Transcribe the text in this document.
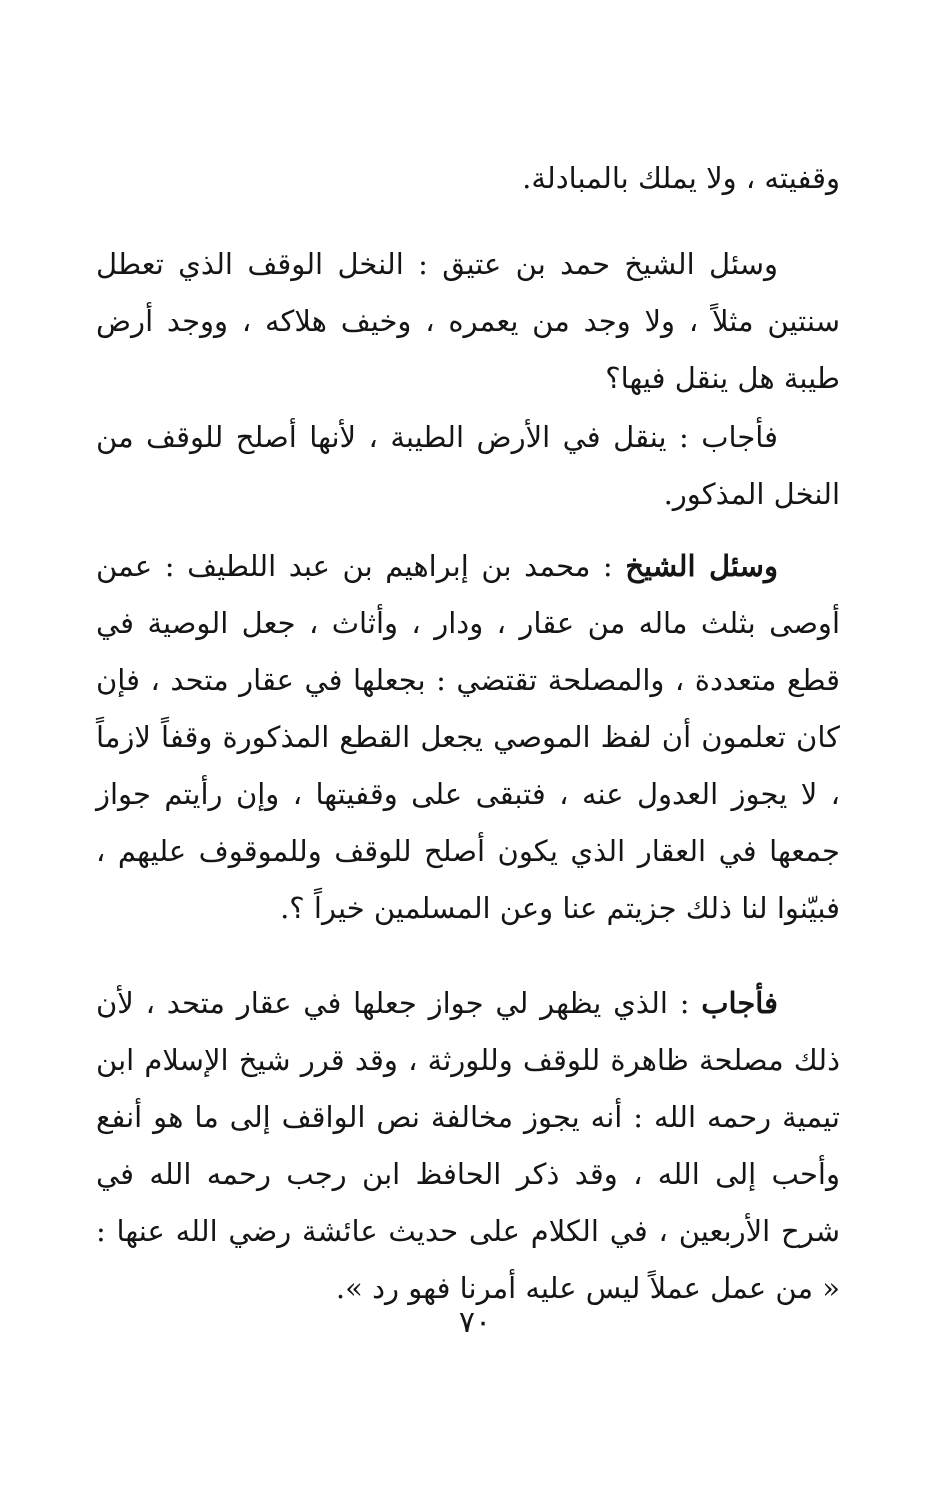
وقفيته ، ولا يملك بالمبادلة.
وسئل الشيخ حمد بن عتيق : النخل الوقف الذي تعطل سنتين مثلاً ، ولا وجد من يعمره ، وخيف هلاكه ، ووجد أرض طيبة هل ينقل فيها؟
فأجاب : ينقل في الأرض الطيبة ، لأنها أصلح للوقف من النخل المذكور.
وسئل الشيخ : محمد بن إبراهيم بن عبد اللطيف : عمن أوصى بثلث ماله من عقار ، ودار ، وأثاث ، جعل الوصية في قطع متعددة ، والمصلحة تقتضي : بجعلها في عقار متحد ، فإن كان تعلمون أن لفظ الموصي يجعل القطع المذكورة وقفاً لازماً ، لا يجوز العدول عنه ، فتبقى على وقفيتها ، وإن رأيتم جواز جمعها في العقار الذي يكون أصلح للوقف وللموقوف عليهم ، فبيّنوا لنا ذلك جزيتم عنا وعن المسلمين خيراً ؟.
فأجاب : الذي يظهر لي جواز جعلها في عقار متحد ، لأن ذلك مصلحة ظاهرة للوقف وللورثة ، وقد قرر شيخ الإسلام ابن تيمية رحمه الله : أنه يجوز مخالفة نص الواقف إلى ما هو أنفع وأحب إلى الله ، وقد ذكر الحافظ ابن رجب رحمه الله في شرح الأربعين ، في الكلام على حديث عائشة رضي الله عنها : « من عمل عملاً ليس عليه أمرنا فهو رد ».
٧٠
